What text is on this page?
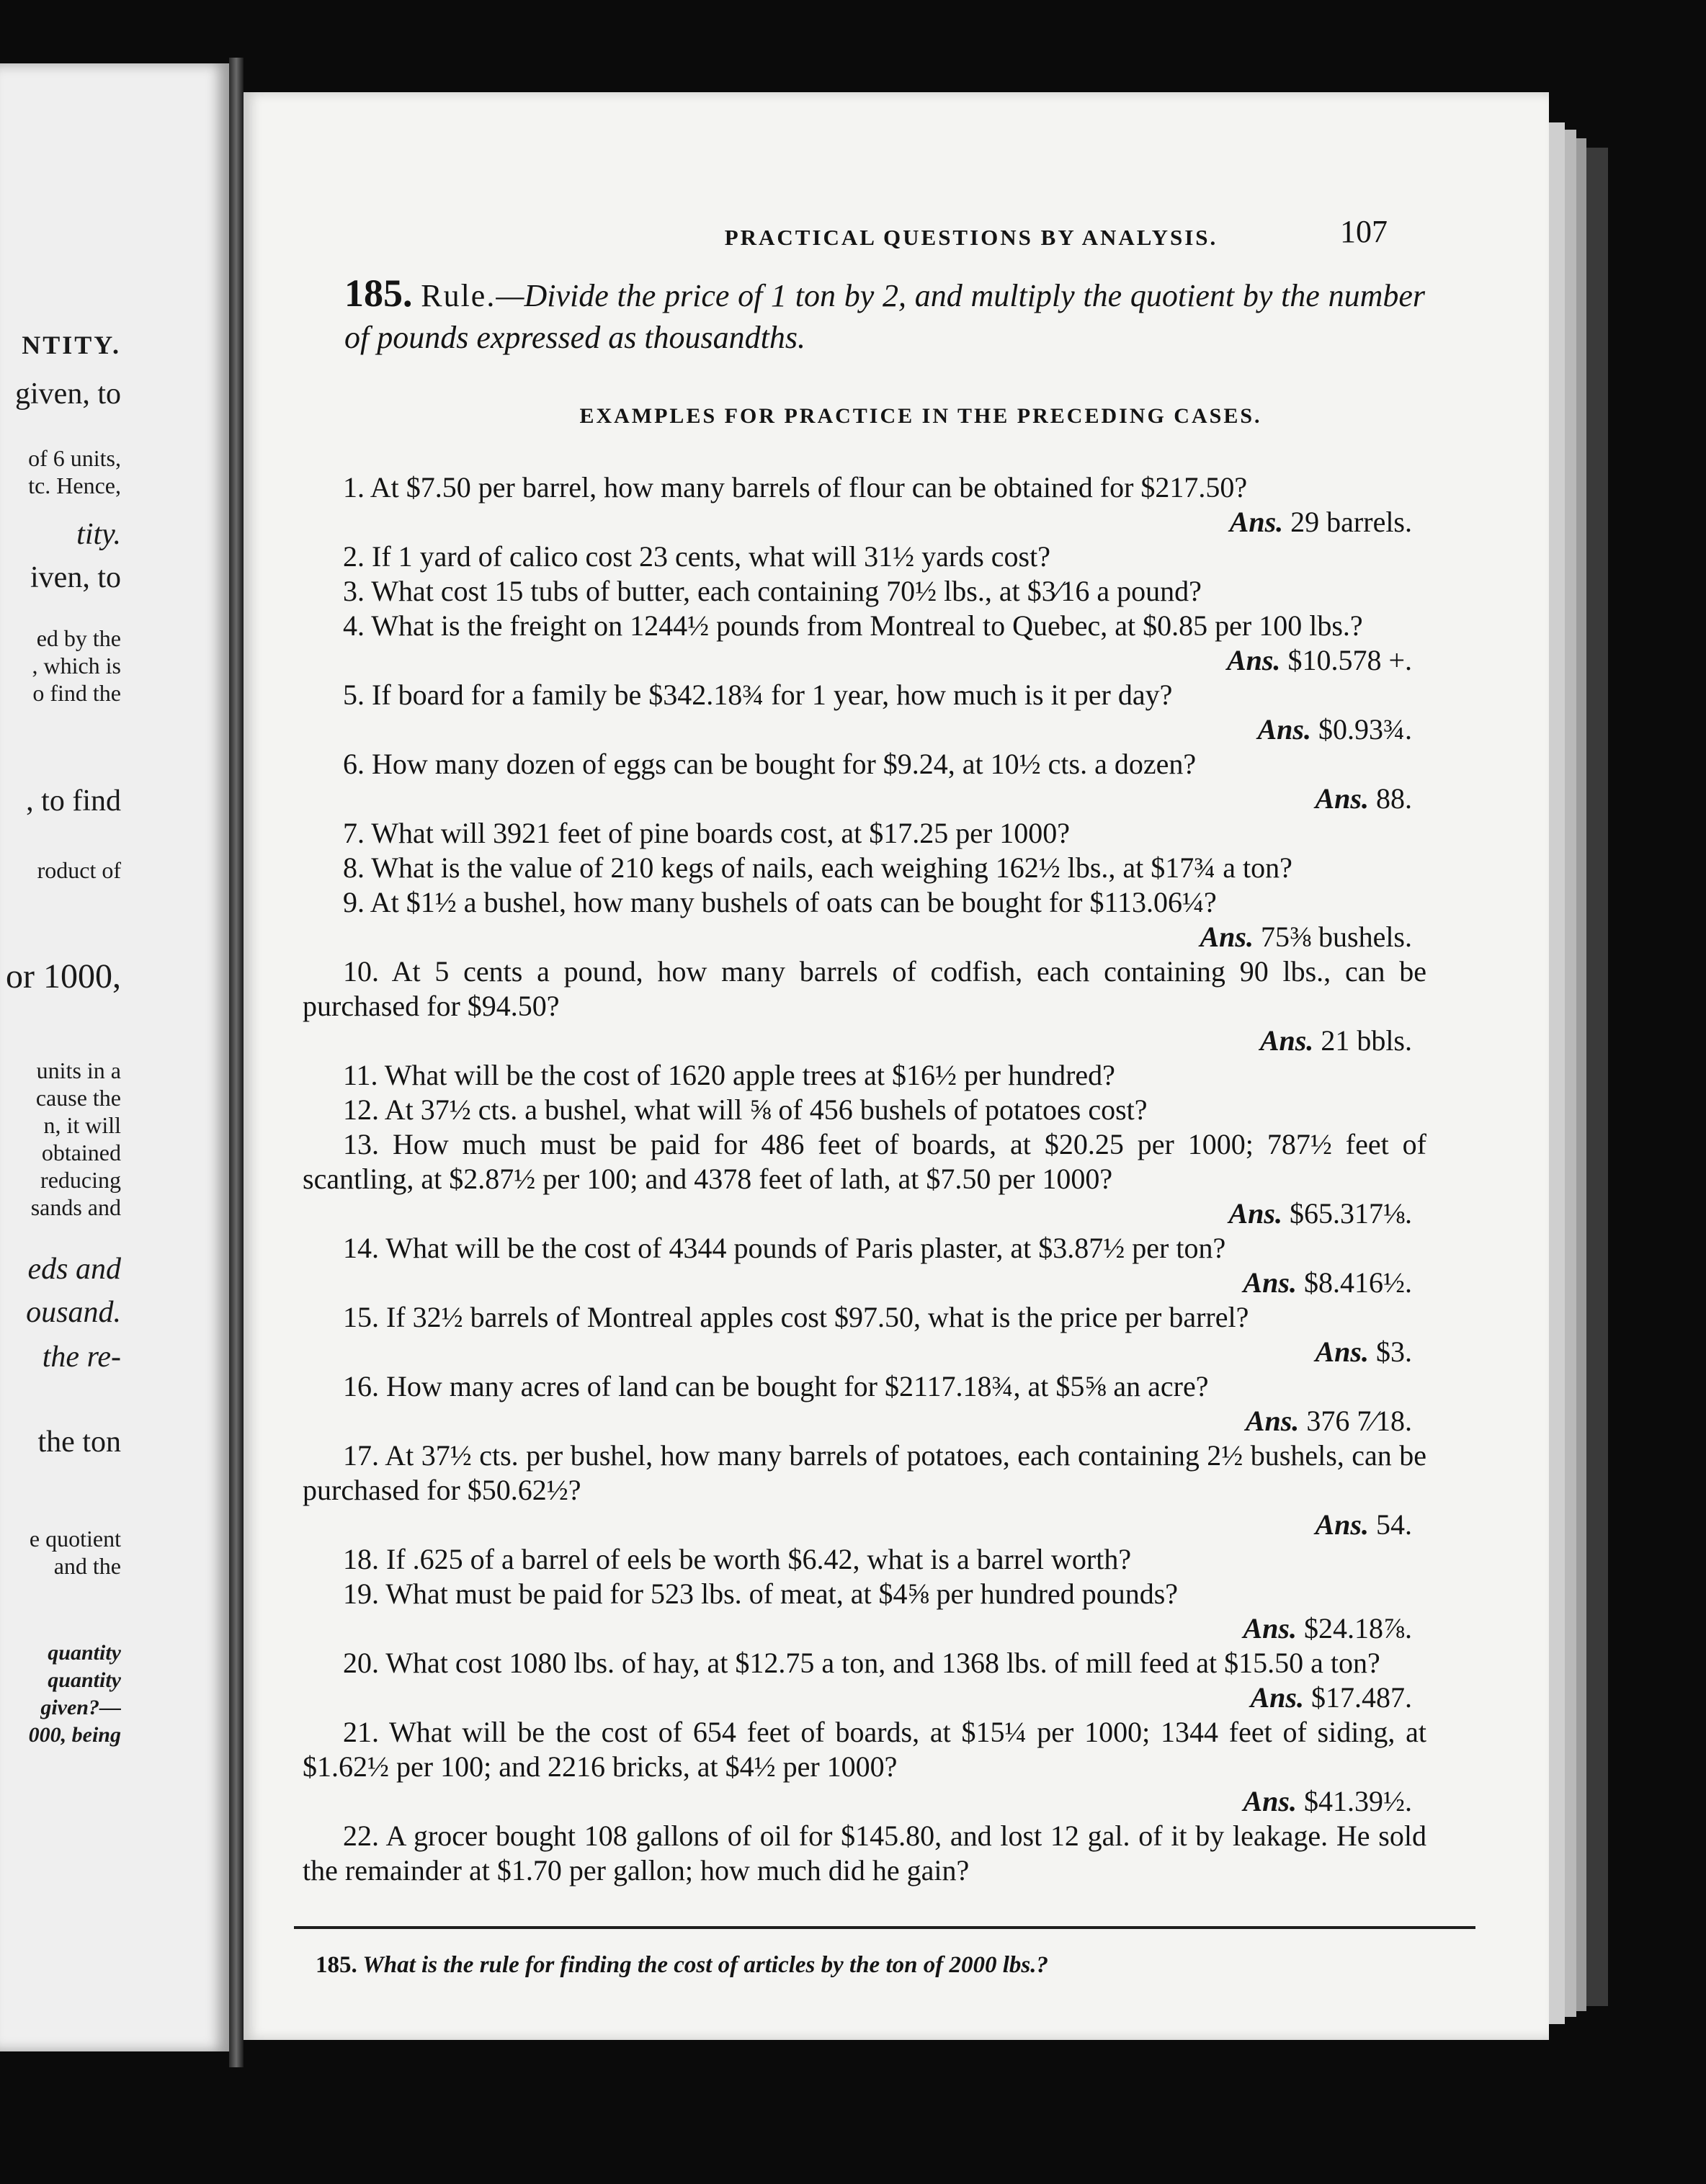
NTITY.
given, to
of 6 units,
tc. Hence,
tity.
iven, to
ed by the
, which is
o find the
, to find
roduct of
or 1000,
units in a
cause the
n, it will
obtained
reducing
sands and
eds and
ousand.
the re-
the ton
e quotient
and the
quantity
quantity
given?—
000, being
PRACTICAL QUESTIONS BY ANALYSIS.	107
185. Rule.—Divide the price of 1 ton by 2, and multiply the quotient by the number of pounds expressed as thousandths.
EXAMPLES FOR PRACTICE IN THE PRECEDING CASES.

1. At $7.50 per barrel, how many barrels of flour can be obtained for $217.50?

Ans. 29 barrels.

2. If 1 yard of calico cost 23 cents, what will 31½ yards cost?

3. What cost 15 tubs of butter, each containing 70½ lbs., at $3⁄16 a pound?

4. What is the freight on 1244½ pounds from Montreal to Quebec, at $0.85 per 100 lbs.?

Ans. $10.578 +.

5. If board for a family be $342.18¾ for 1 year, how much is it per day?

Ans. $0.93¾.

6. How many dozen of eggs can be bought for $9.24, at 10½ cts. a dozen?

Ans. 88.

7. What will 3921 feet of pine boards cost, at $17.25 per 1000?

8. What is the value of 210 kegs of nails, each weighing 162½ lbs., at $17¾ a ton?

9. At $1½ a bushel, how many bushels of oats can be bought for $113.06¼?

Ans. 75⅜ bushels.

10. At 5 cents a pound, how many barrels of codfish, each containing 90 lbs., can be purchased for $94.50?

Ans. 21 bbls.

11. What will be the cost of 1620 apple trees at $16½ per hundred?

12. At 37½ cts. a bushel, what will ⅝ of 456 bushels of potatoes cost?

13. How much must be paid for 486 feet of boards, at $20.25 per 1000; 787½ feet of scantling, at $2.87½ per 100; and 4378 feet of lath, at $7.50 per 1000?

Ans. $65.317⅛.

14. What will be the cost of 4344 pounds of Paris plaster, at $3.87½ per ton?

Ans. $8.416½.

15. If 32½ barrels of Montreal apples cost $97.50, what is the price per barrel?

Ans. $3.

16. How many acres of land can be bought for $2117.18¾, at $5⅝ an acre?

Ans. 376 7⁄18.

17. At 37½ cts. per bushel, how many barrels of potatoes, each containing 2½ bushels, can be purchased for $50.62½?

Ans. 54.

18. If .625 of a barrel of eels be worth $6.42, what is a barrel worth?

19. What must be paid for 523 lbs. of meat, at $4⅝ per hundred pounds?

Ans. $24.18⅞.

20. What cost 1080 lbs. of hay, at $12.75 a ton, and 1368 lbs. of mill feed at $15.50 a ton?

Ans. $17.487.

21. What will be the cost of 654 feet of boards, at $15¼ per 1000; 1344 feet of siding, at $1.62½ per 100; and 2216 bricks, at $4½ per 1000?

Ans. $41.39½.

22. A grocer bought 108 gallons of oil for $145.80, and lost 12 gal. of it by leakage. He sold the remainder at $1.70 per gallon; how much did he gain?

185. What is the rule for finding the cost of articles by the ton of 2000 lbs.?
